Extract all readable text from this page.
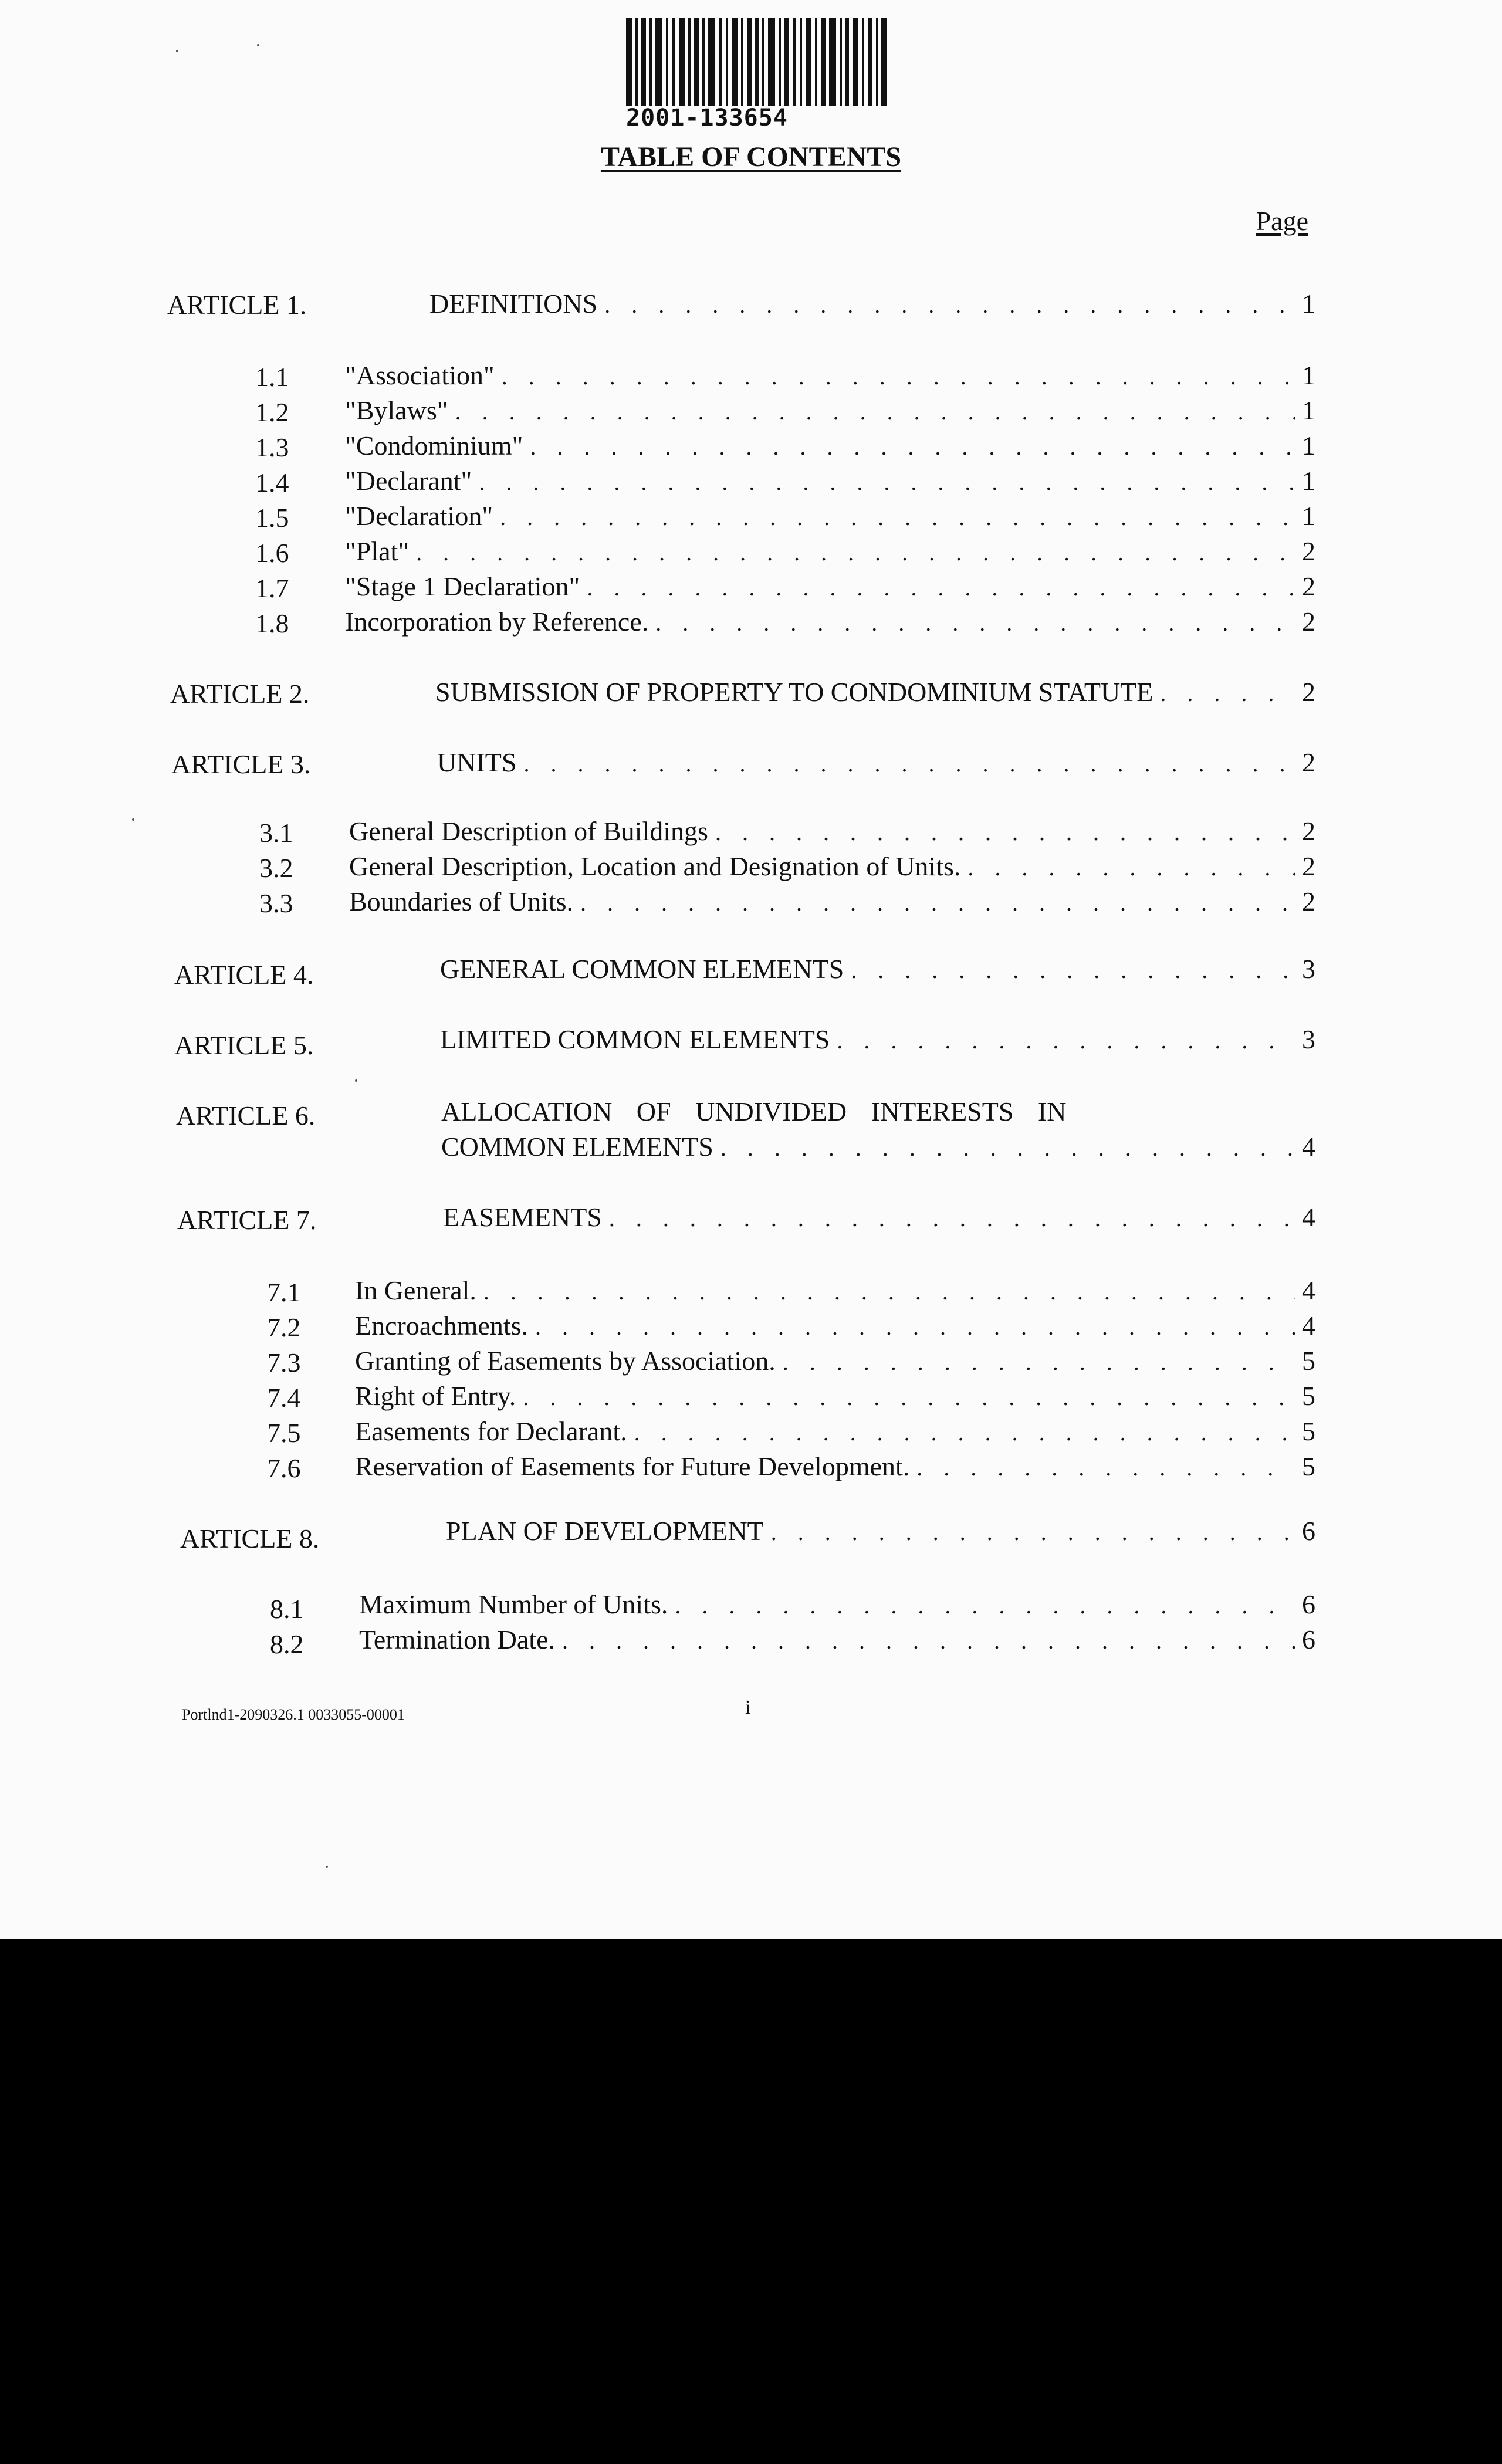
2001-133654
TABLE OF CONTENTS
Page
ARTICLE 1.	DEFINITIONS . . .	1
1.1 "Association" . . .	1
1.2 "Bylaws" . . .	1
1.3 "Condominium" . . .	1
1.4 "Declarant" . . .	1
1.5 "Declaration" . . .	1
1.6 "Plat" . . .	2
1.7 "Stage 1 Declaration" . . .	2
1.8 Incorporation by Reference. . . .	2
ARTICLE 2.	SUBMISSION OF PROPERTY TO CONDOMINIUM STATUTE . . .	2
ARTICLE 3.	UNITS . . .	2
3.1 General Description of Buildings . . .	2
3.2 General Description, Location and Designation of Units. . . .	2
3.3 Boundaries of Units. . . .	2
ARTICLE 4.	GENERAL COMMON ELEMENTS . . .	3
ARTICLE 5.	LIMITED COMMON ELEMENTS . . .	3
ARTICLE 6.	ALLOCATION OF UNDIVIDED INTERESTS IN
COMMON ELEMENTS . . .	4
ARTICLE 7.	EASEMENTS . . .	4
7.1 In General. . . .	4
7.2 Encroachments. . . .	4
7.3 Granting of Easements by Association. . . .	5
7.4 Right of Entry. . . .	5
7.5 Easements for Declarant. . . .	5
7.6 Reservation of Easements for Future Development. . . .	5
ARTICLE 8.	PLAN OF DEVELOPMENT . . .	6
8.1 Maximum Number of Units. . . .	6
8.2 Termination Date. . . .	6
Portlnd1-2090326.1 0033055-00001	i
